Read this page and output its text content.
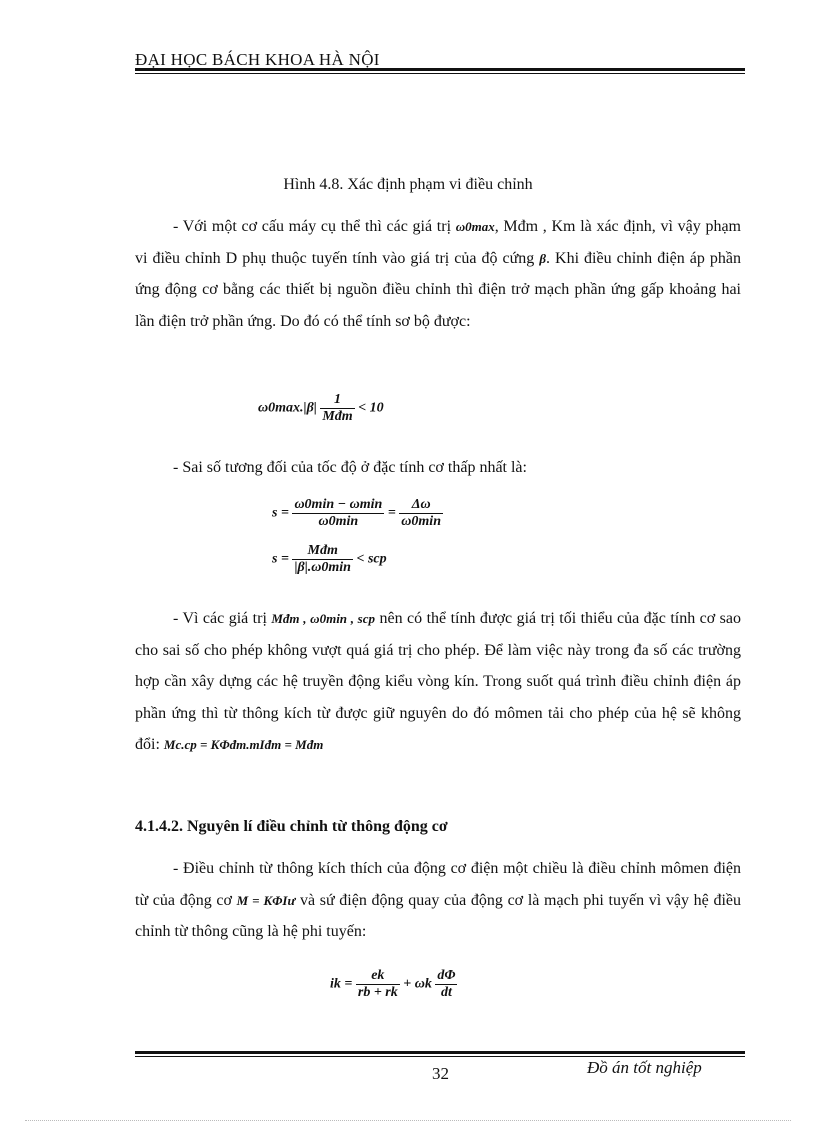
ĐẠI HỌC BÁCH KHOA HÀ NỘI
Hình 4.8. Xác định phạm vi điều chỉnh

- Với một cơ cấu máy cụ thể thì các giá trị ω0max, Mđm , Km là xác định, vì vậy phạm vi điều chỉnh D phụ thuộc tuyến tính vào giá trị của độ cứng β. Khi điều chỉnh điện áp phần ứng động cơ bằng các thiết bị nguồn điều chỉnh thì điện trở mạch phần ứng gấp khoảng hai lần điện trở phần ứng. Do đó có thể tính sơ bộ được:

$\omega 0\max.|\beta| \frac{1}{\text{Mđm}} < 10$

- Sai số tương đối của tốc độ ở đặc tính cơ thấp nhất là:

$s = \frac{\omega 0\min - \omega\min}{\omega 0\min} = \frac{\Delta\omega}{\omega 0\min}$
$s = \frac{\text{Mđm}}{|\beta|.\omega 0\min}$ < scp

- Vì các giá trị Mđm , ω0min , scp nên có thể tính được giá trị tối thiểu của đặc tính cơ sao cho sai số cho phép không vượt quá giá trị cho phép. Để làm việc này trong đa số các trường hợp cần xây dựng các hệ truyền động kiểu vòng kín. Trong suốt quá trình điều chỉnh điện áp phần ứng thì từ thông kích từ được giữ nguyên do đó mômen tải cho phép của hệ sẽ không đổi: Mc.cp = KΦđm.mIđm = Mđm

4.1.4.2. Nguyên lí điều chỉnh từ thông động cơ

- Điều chỉnh từ thông kích thích của động cơ điện một chiều là điều chỉnh mômen điện từ của động cơ M = KΦIư và sứ điện động quay của động cơ là mạch phi tuyến vì vậy hệ điều chỉnh từ thông cũng là hệ phi tuyến:

ik = $\frac{ek}{rb + rk} + \omega k \frac{d\Phi}{dt}$
32	Đồ án tốt nghiệp
